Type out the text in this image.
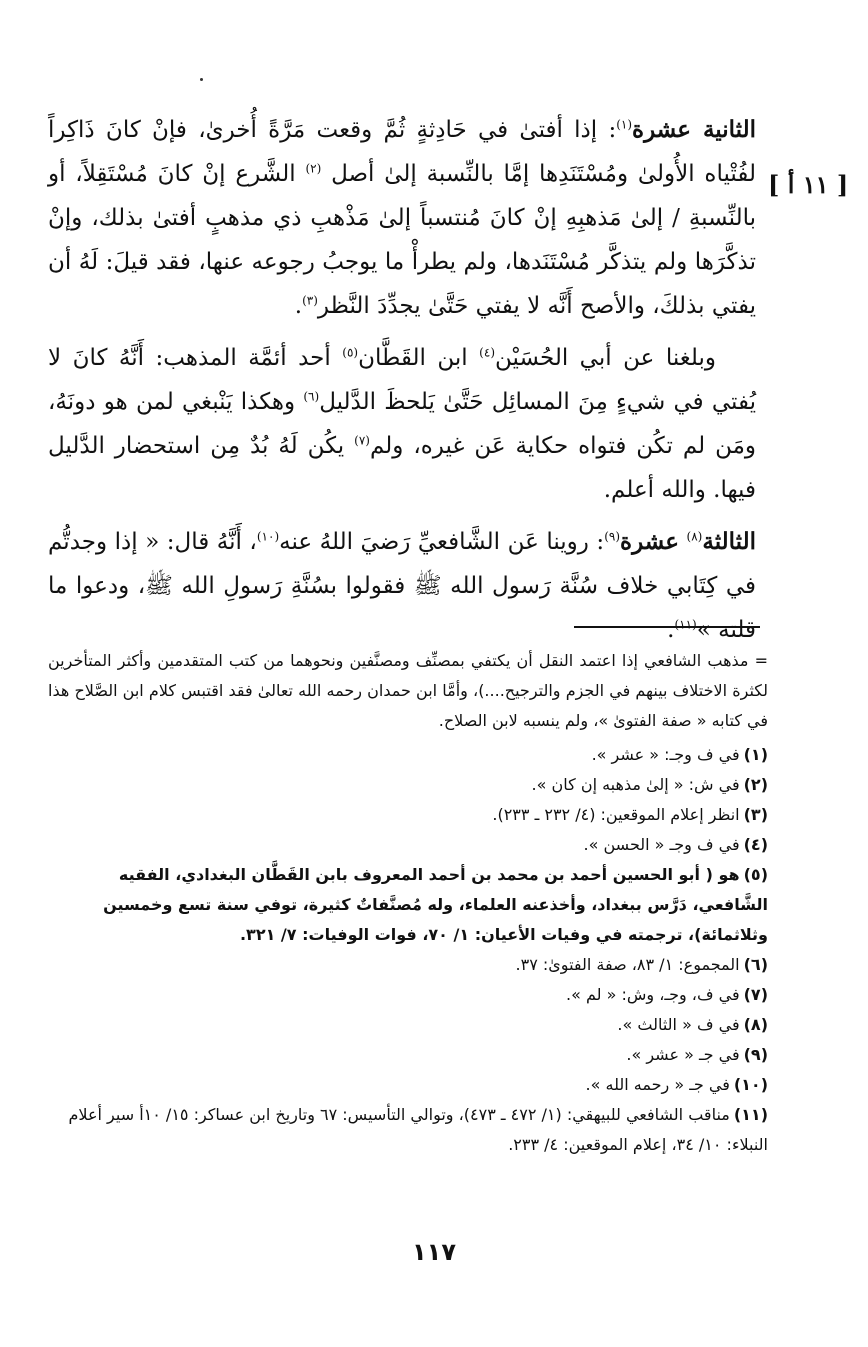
[ ١١ أ ]

الثانية عشرة$^{(١)}$: إذا أفتىٰ في حَادِثةٍ ثُمَّ وقعت مَرَّةً أُخرىٰ، فإنْ كانَ ذَاكِراً لفُتْياه الأُولىٰ ومُسْتَنَدِها إمَّا بالنِّسبة إلىٰ أصل $^{(٢)}$ الشَّرع إنْ كانَ مُسْتَقِلاً، أو بالنِّسبةِ / إلىٰ مَذهبِهِ إنْ كانَ مُنتسباً إلىٰ مَذْهبِ ذي مذهبٍ أفتىٰ بذلك، وإنْ تذكَّرَها ولم يتذكَّر مُسْتَنَدها، ولم يطرأْ ما يوجبُ رجوعه عنها، فقد قيلَ: لَهُ أن يفتي بذلكَ، والأصح أَنَّه لا يفتي حَتَّىٰ يجدِّدَ النَّظر$^{(٣)}$.

وبلغنا عن أبي الحُسَيْن$^{(٤)}$ ابن القَطَّان$^{(٥)}$ أحد أئمَّة المذهب: أَنَّهُ كانَ لا يُفتي في شيءٍ مِنَ المسائِل حَتَّىٰ يَلحظَ الدَّليل$^{(٦)}$ وهكذا يَنْبغي لمن هو دونَهُ، ومَن لم تكُن فتواه حكاية عَن غيره، ولم$^{(٧)}$ يكُن لَهُ بُدٌ مِن استحضار الدَّليل فيها. والله أعلم.

الثالثة$^{(٨)}$ عشرة$^{(٩)}$: روينا عَن الشَّافعيِّ رَضيَ اللهُ عنه$^{(١٠)}$، أَنَّهُ قال: « إذا وجدتُّم في كِتَابي خلاف سُنَّة رَسول الله ﷺ فقولوا بسُنَّةِ رَسولِ الله ﷺ، ودعوا ما قلته »$^{(١١)}$.

= مذهب الشافعي إذا اعتمد النقل أن يكتفي بمصنِّف ومصنَّفين ونحوهما من كتب المتقدمين وأكثر المتأخرين لكثرة الاختلاف بينهم في الجزم والترجيح....)، وأمَّا ابن حمدان رحمه الله تعالىٰ فقد اقتبس كلام ابن الصَّلاح هذا في كتابه « صفة الفتوىٰ »، ولم ينسبه لابن الصلاح.

(١)في ف وجـ: « عشر ».
(٢)في ش: « إلىٰ مذهبه إن كان ».
(٣)انظر إعلام الموقعين: (٤/ ٢٣٢ ـ ٢٣٣).
(٤)في ف وجـ « الحسن ».
(٥)هو ( أبو الحسين أحمد بن محمد بن أحمد المعروف بابن القَطَّان البغدادي، الفقيه الشَّافعي، دَرَّس ببغداد، وأخذعنه العلماء، وله مُصنَّفاتٌ كثيرة، توفي سنة تسع وخمسين وثلاثمائة)، ترجمته في وفيات الأعيان: ١/ ٧٠، فوات الوفيات: ٧/ ٣٢١.
(٦)المجموع: ١/ ٨٣، صفة الفتوىٰ: ٣٧.
(٧)في ف، وجـ، وش: « لم ».
(٨)في ف « الثالث ».
(٩)في جـ « عشر ».
(١٠)في جـ « رحمه الله ».
(١١)مناقب الشافعي للبيهقي: (١/ ٤٧٢ ـ ٤٧٣)، وتوالي التأسيس: ٦٧ وتاريخ ابن عساكر: ١٥/ ١٠أ سير أعلام النبلاء: ١٠/ ٣٤، إعلام الموقعين: ٤/ ٢٣٣.
١١٧
